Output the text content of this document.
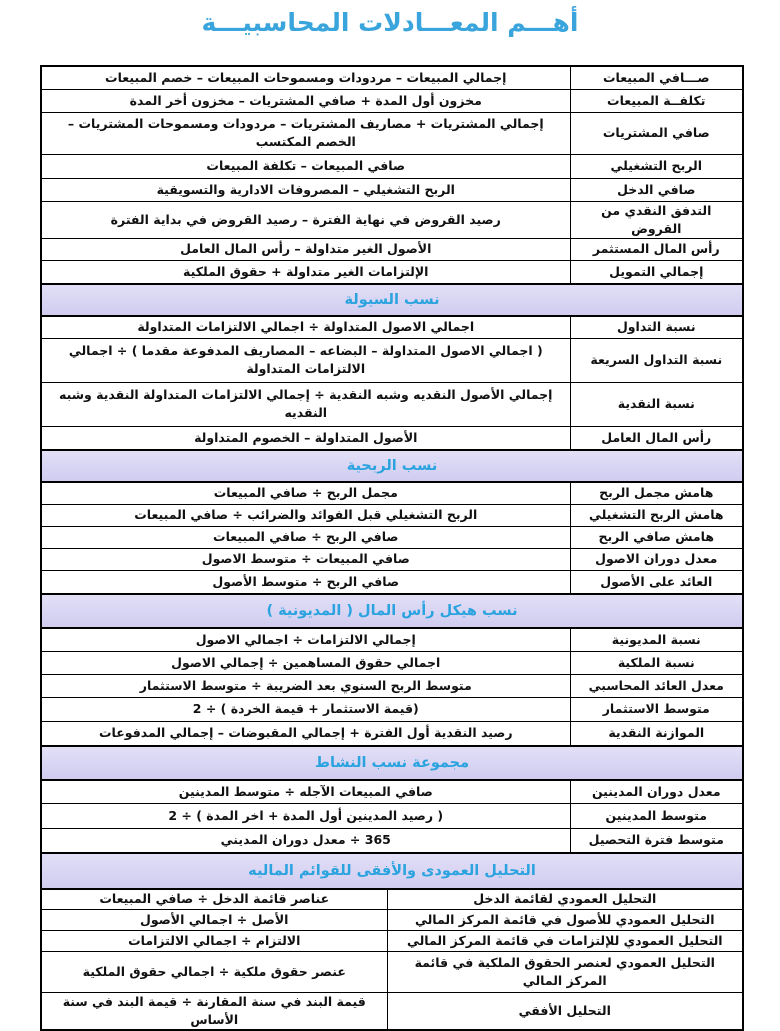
أهـــم المعـــادلات المحاسبيـــة
صـــافي المبيعات	إجمالي المبيعات – مردودات ومسموحات المبيعات – خصم المبيعات	
تكلفــة المبيعات	مخزون أول المدة + صافي المشتريات – مخزون أخر المدة	
صافي المشتريات	إجمالي المشتريات + مصاريف المشتريات – مردودات ومسموحات المشتريات – الخصم المكتسب	
الربح التشغيلي	صافي المبيعات – تكلفة المبيعات	
صافي الدخل	الربح التشغيلي – المصروفات الادارية والتسويقية	
التدفق النقدي من القروض	رصيد القروض في نهاية الفترة – رصيد القروض في بداية الفترة	
رأس المال المستثمر	الأصول الغير متداولة – رأس المال العامل	
إجمالي التمويل	الإلتزامات الغير متداولة + حقوق الملكية	
نسب السيولة		
نسبة التداول	اجمالي الاصول المتداولة ÷ اجمالي الالتزامات المتداولة	
نسبة التداول السريعة	( اجمالي الاصول المتداولة – البضاعه – المصاريف المدفوعة مقدما ) ÷ اجمالي الالتزامات المتداولة	
نسبة النقدية	إجمالي الأصول النقديه وشبه النقدية ÷ إجمالي الالتزامات المتداولة النقدية وشبه النقديه	
رأس المال العامل	الأصول المتداولة – الخصوم المتداولة	
نسب الربحية		
هامش مجمل الربح	مجمل الربح ÷ صافي المبيعات	
هامش الربح التشغيلي	الربح التشغيلي قبل الفوائد والضرائب ÷ صافي المبيعات	
هامش صافي الربح	صافي الربح ÷ صافي المبيعات	
معدل دوران الاصول	صافي المبيعات ÷ متوسط الاصول	
العائد على الأصول	صافي الربح ÷ متوسط الأصول	
نسب هيكل رأس المال ( المديونية )		
نسبة المديونية	إجمالي الالتزامات ÷ اجمالي الاصول	
نسبة الملكية	اجمالي حقوق المساهمين ÷ إجمالي الاصول	
معدل العائد المحاسبي	متوسط الربح السنوي بعد الضريبة ÷ متوسط الاستثمار	
متوسط الاستثمار	(قيمة الاستثمار + قيمة الخردة ) ÷ 2	
الموازنة النقدية	رصيد النقدية أول الفترة + إجمالي المقبوضات – إجمالي المدفوعات	
مجموعة نسب النشاط		
معدل دوران المدينين	صافي المبيعات الآجله ÷ متوسط المدينين	
متوسط المدينين	( رصيد المدينين أول المدة + اخر المدة ) ÷ 2	
متوسط فترة التحصيل	365 ÷ معدل دوران المديني	
التحليل العمودى والأفقى للقوائم الماليه		
التحليل العمودي لقائمة الدخل		عناصر قائمة الدخل ÷ صافي المبيعات
التحليل العمودي للأصول في قائمة المركز المالي		الأصل ÷ اجمالي الأصول
التحليل العمودي للإلتزامات في قائمة المركز المالي		الالتزام ÷ اجمالي الالتزامات
التحليل العمودي لعنصر الحقوق الملكية في قائمة المركز المالي		عنصر حقوق ملكية ÷ اجمالي حقوق الملكية
التحليل الأفقي		قيمة البند في سنة المقارنة ÷ قيمة البند في سنة الأساس
